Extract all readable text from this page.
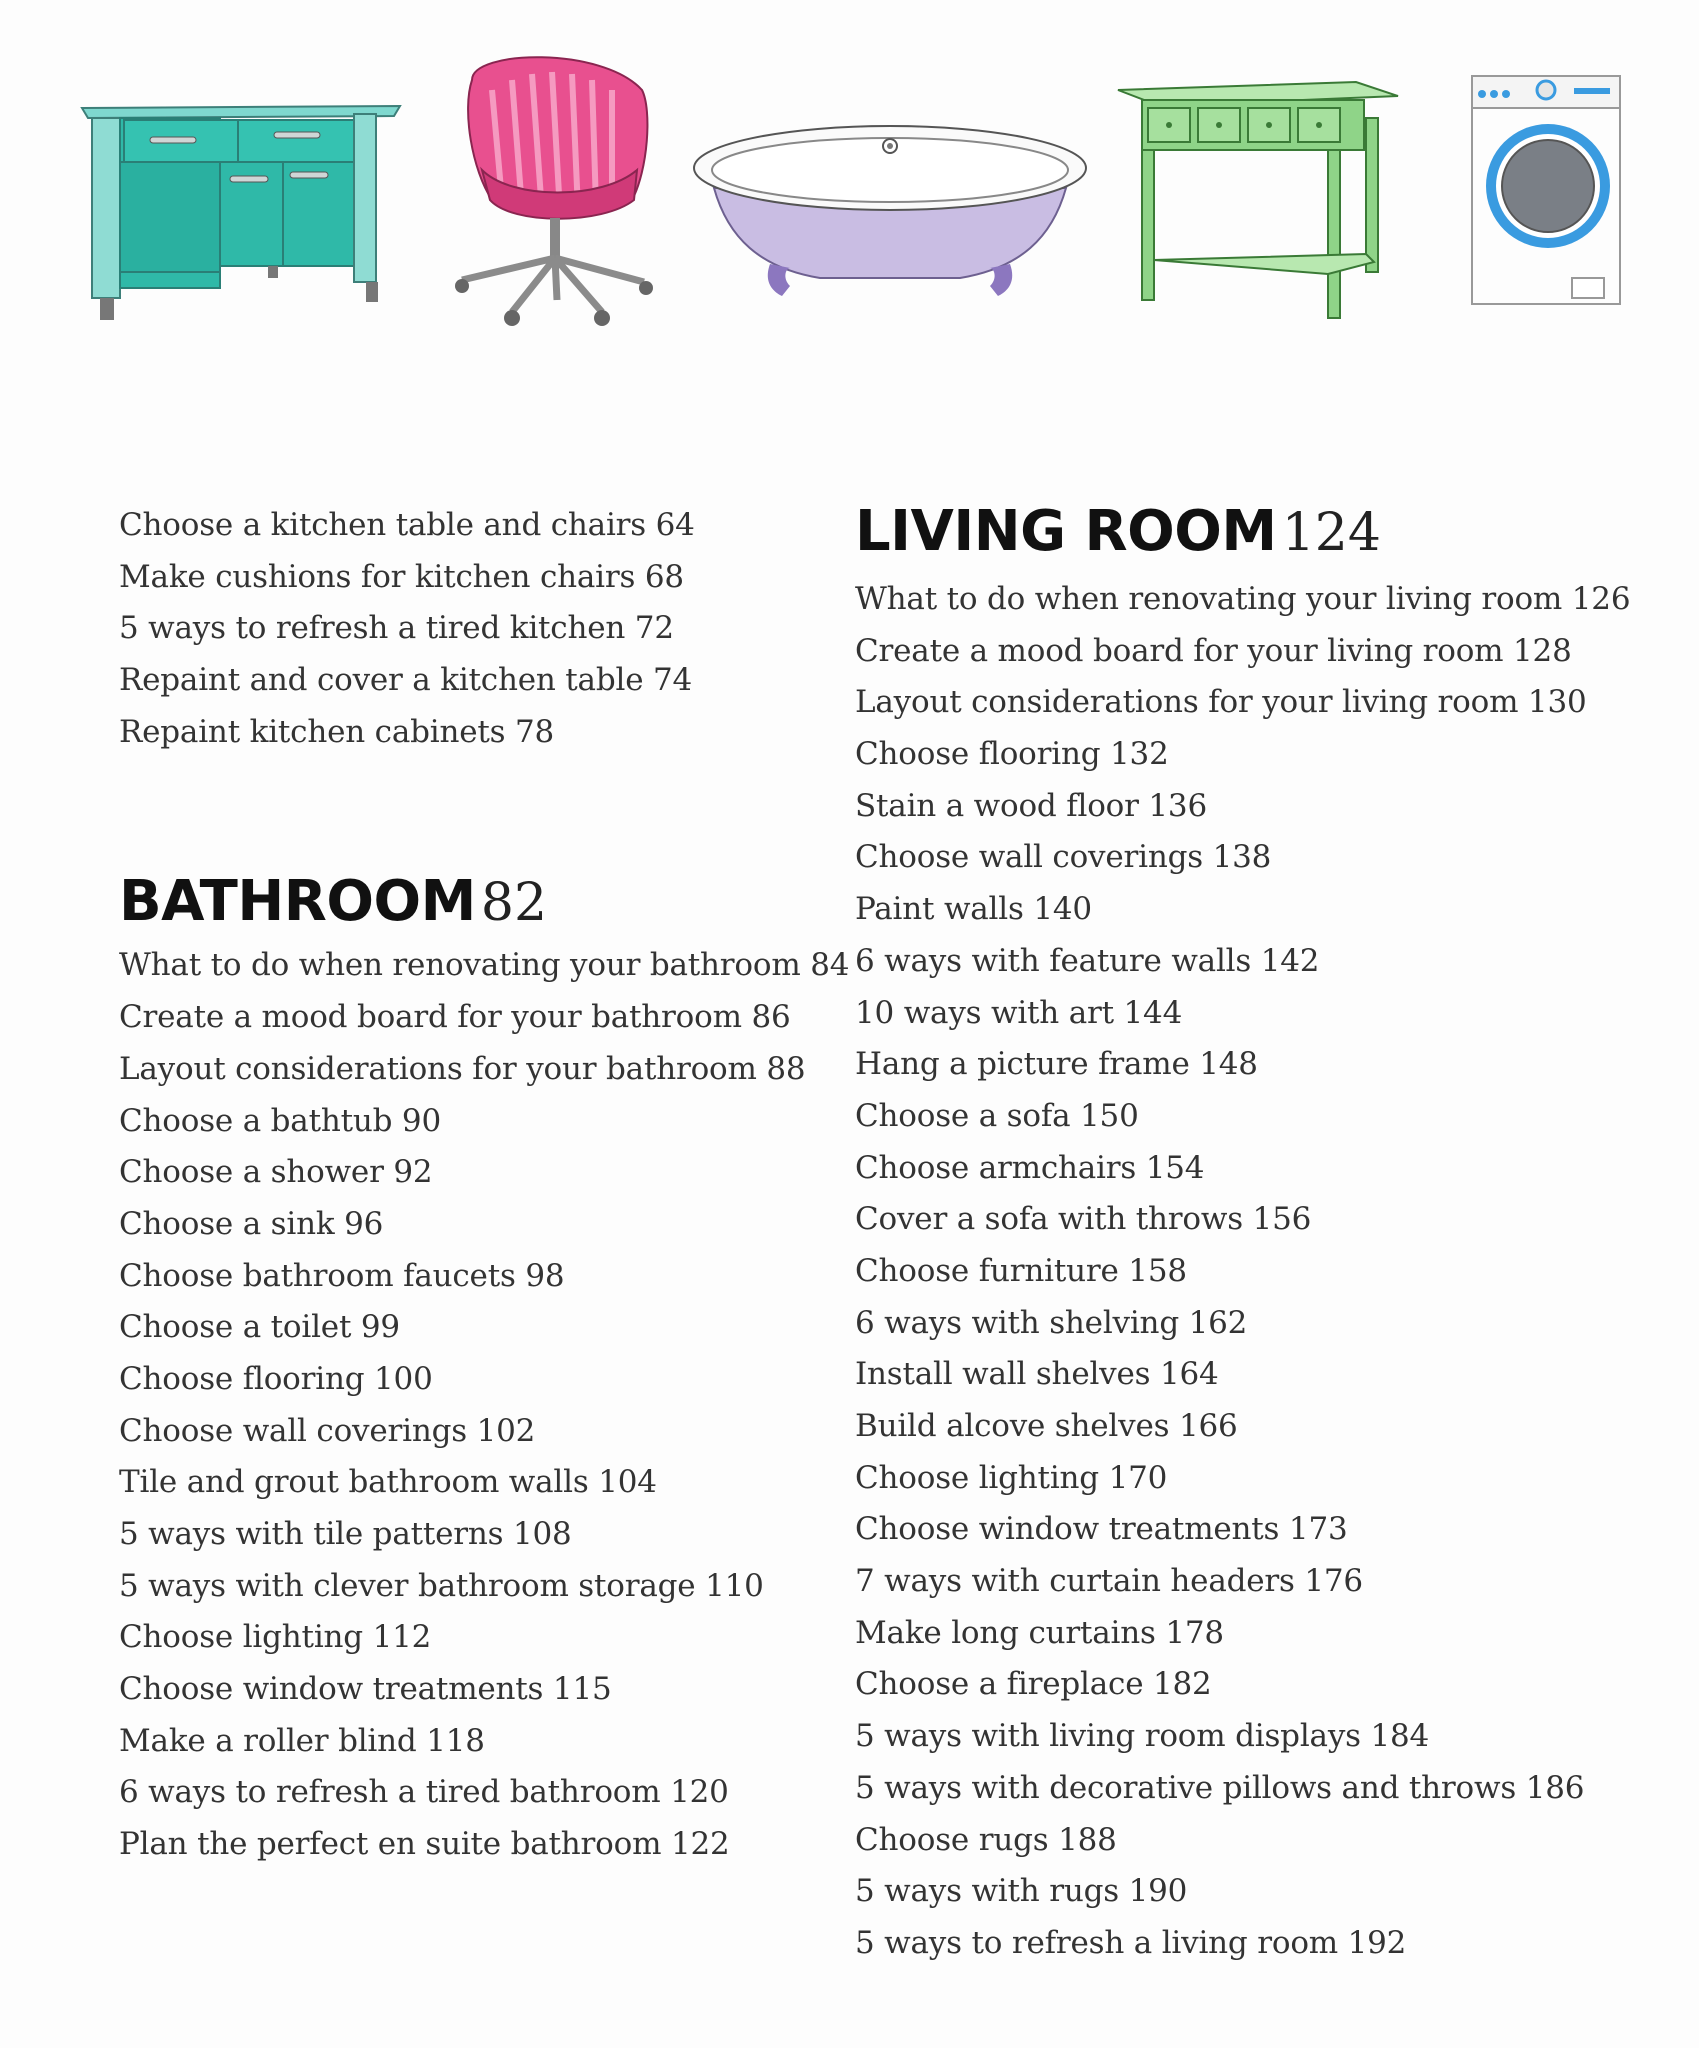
Choose a kitchen table and chairs 64
Make cushions for kitchen chairs 68
5 ways to refresh a tired kitchen 72
Repaint and cover a kitchen table 74
Repaint kitchen cabinets 78
BATHROOM 82
What to do when renovating your bathroom 84
Create a mood board for your bathroom 86
Layout considerations for your bathroom 88
Choose a bathtub 90
Choose a shower 92
Choose a sink 96
Choose bathroom faucets 98
Choose a toilet 99
Choose flooring 100
Choose wall coverings 102
Tile and grout bathroom walls 104
5 ways with tile patterns 108
5 ways with clever bathroom storage 110
Choose lighting 112
Choose window treatments 115
Make a roller blind 118
6 ways to refresh a tired bathroom 120
Plan the perfect en suite bathroom 122
LIVING ROOM 124
What to do when renovating your living room 126
Create a mood board for your living room 128
Layout considerations for your living room 130
Choose flooring 132
Stain a wood floor 136
Choose wall coverings 138
Paint walls 140
6 ways with feature walls 142
10 ways with art 144
Hang a picture frame 148
Choose a sofa 150
Choose armchairs 154
Cover a sofa with throws 156
Choose furniture 158
6 ways with shelving 162
Install wall shelves 164
Build alcove shelves 166
Choose lighting 170
Choose window treatments 173
7 ways with curtain headers 176
Make long curtains 178
Choose a fireplace 182
5 ways with living room displays 184
5 ways with decorative pillows and throws 186
Choose rugs 188
5 ways with rugs 190
5 ways to refresh a living room 192
